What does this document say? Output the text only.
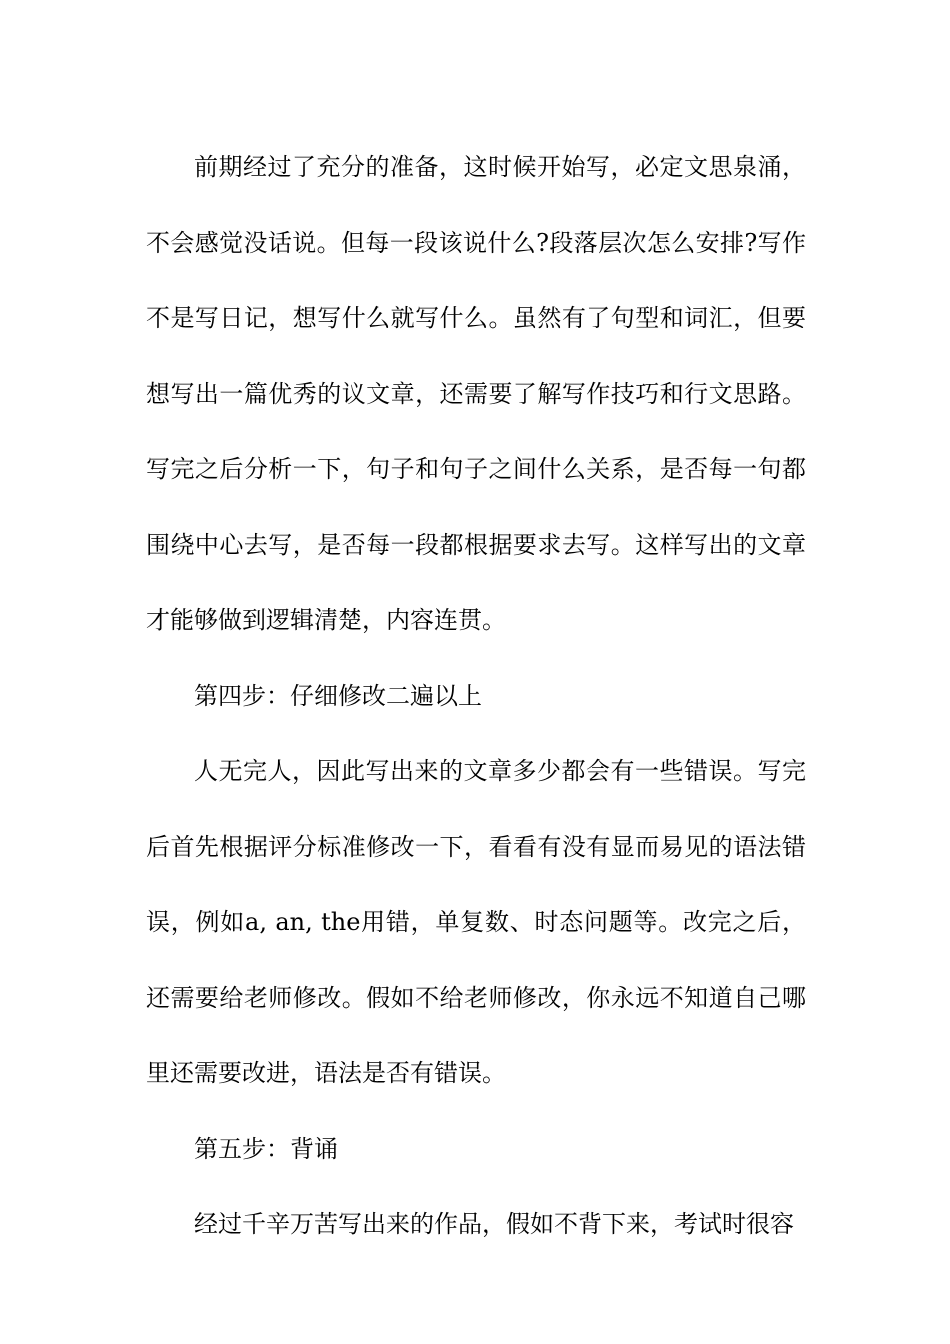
前期经过了充分的准备，这时候开始写，必定文思泉涌，不会感觉没话说。但每一段该说什么?段落层次怎么安排?写作不是写日记，想写什么就写什么。虽然有了句型和词汇，但要想写出一篇优秀的议文章，还需要了解写作技巧和行文思路。写完之后分析一下，句子和句子之间什么关系，是否每一句都围绕中心去写，是否每一段都根据要求去写。这样写出的文章才能够做到逻辑清楚，内容连贯。

第四步：仔细修改二遍以上

人无完人，因此写出来的文章多少都会有一些错误。写完后首先根据评分标准修改一下，看看有没有显而易见的语法错误，例如a, an, the用错，单复数、时态问题等。改完之后，还需要给老师修改。假如不给老师修改，你永远不知道自己哪里还需要改进，语法是否有错误。

第五步：背诵

经过千辛万苦写出来的作品，假如不背下来，考试时很容
